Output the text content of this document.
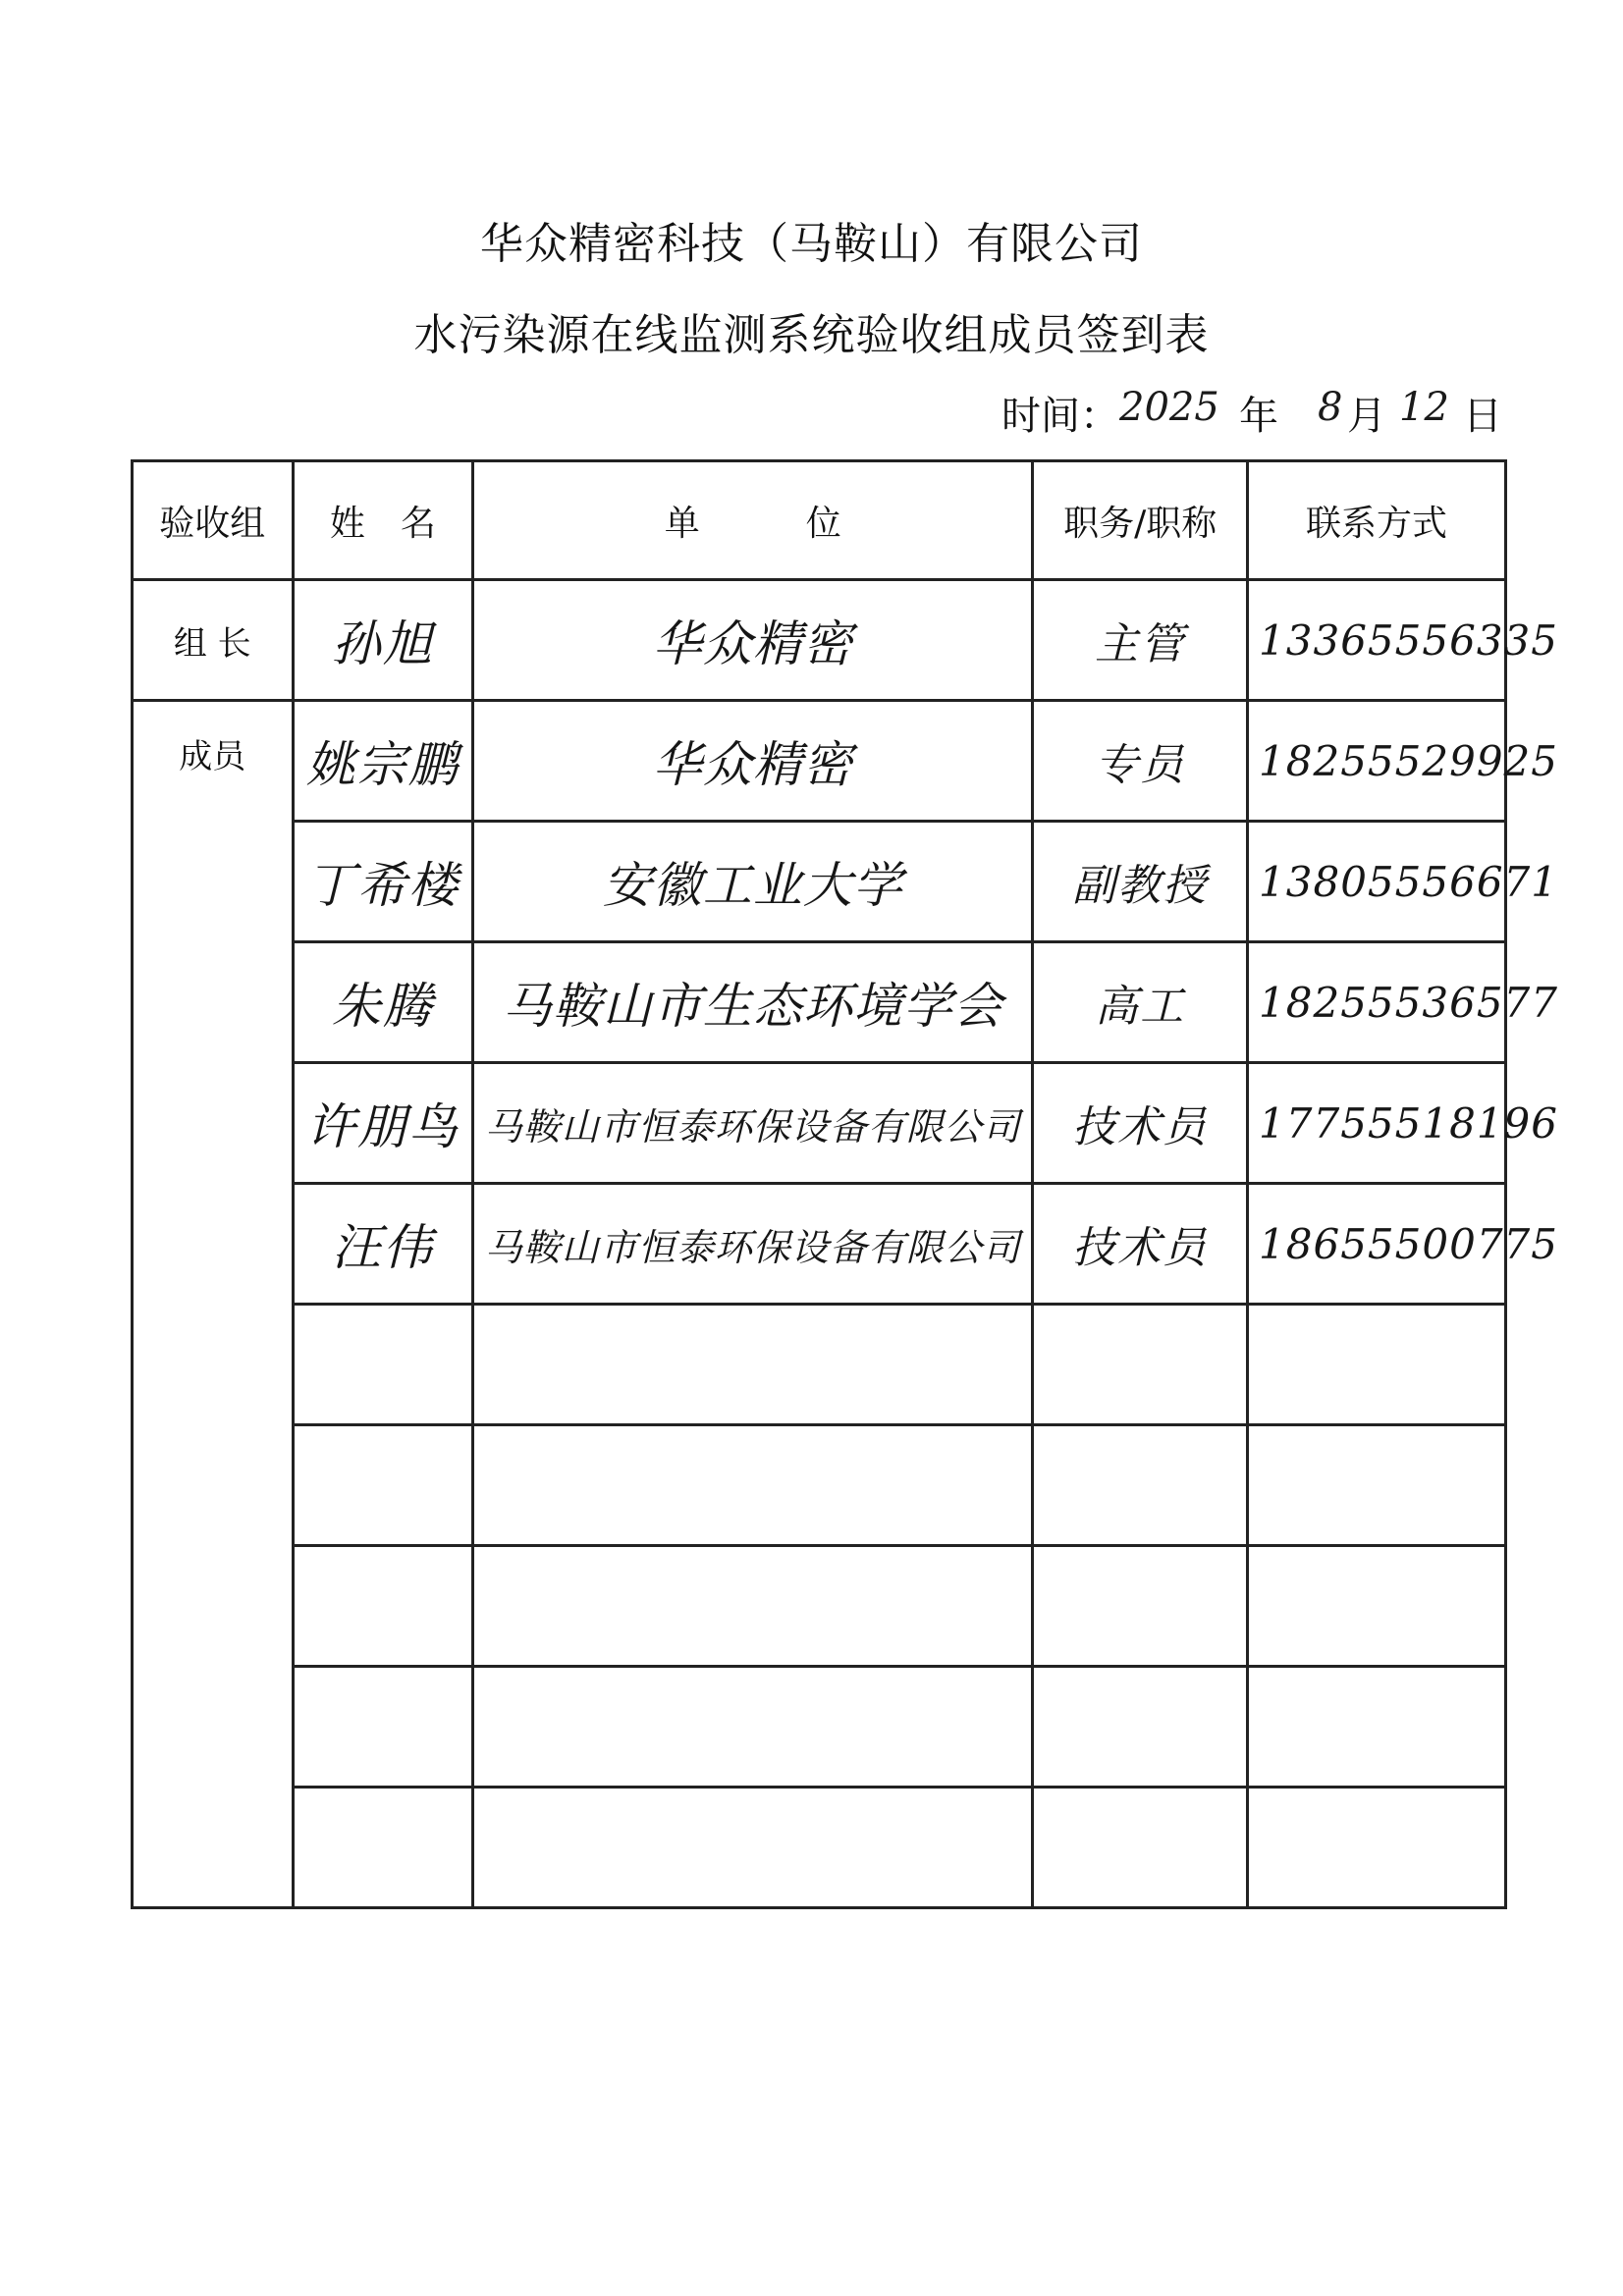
华众精密科技（马鞍山）有限公司
水污染源在线监测系统验收组成员签到表
时间： 2025 年 8 月 12 日
验收组	姓　名	单　　　位	职务/职称	联系方式
组 长	孙旭	华众精密	主管	13365556335
成员	姚宗鹏	华众精密	专员	18255529925
	丁希楼	安徽工业大学	副教授	13805556671
	朱腾	马鞍山市生态环境学会	高工	18255536577
	许朋鸟	马鞍山市恒泰环保设备有限公司	技术员	17755518196
	汪伟	马鞍山市恒泰环保设备有限公司	技术员	18655500775
